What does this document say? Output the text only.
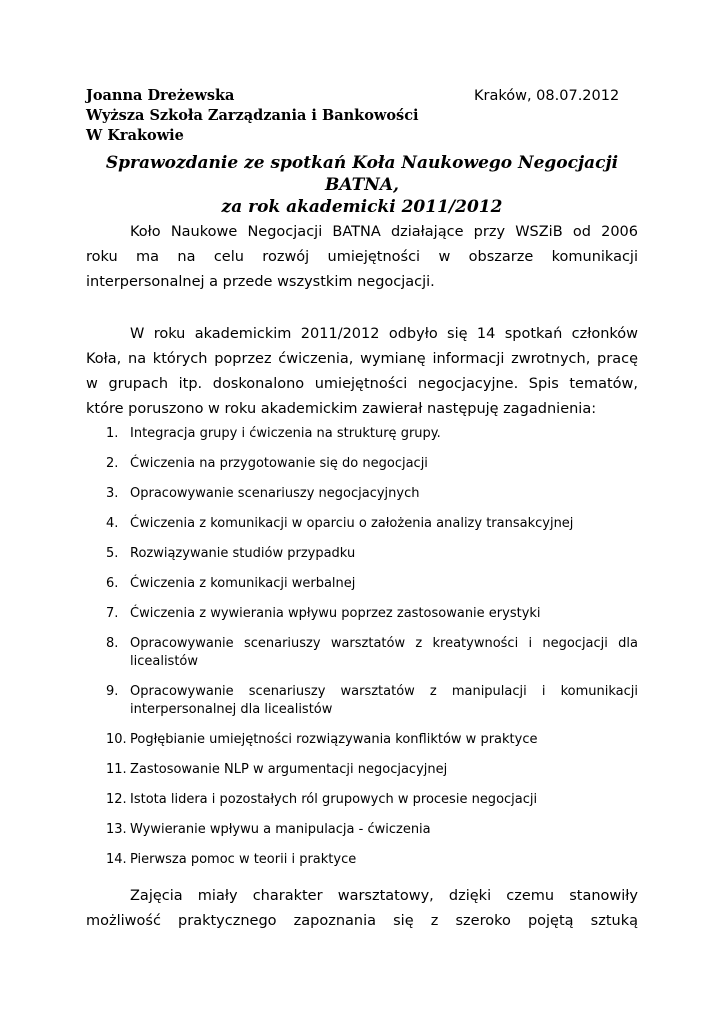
Joanna Dreżewska
Wyższa Szkoła Zarządzania i Bankowości
W Krakowie
Kraków, 08.07.2012
Sprawozdanie ze spotkań Koła Naukowego Negocjacji
BATNA,
za rok akademicki 2011/2012
Koło Naukowe Negocjacji BATNA działające przy WSZiB od 2006
roku ma na celu rozwój umiejętności w obszarze komunikacji
interpersonalnej a przede wszystkim negocjacji.
W roku akademickim 2011/2012 odbyło się 14 spotkań członków
Koła, na których poprzez ćwiczenia, wymianę informacji zwrotnych, pracę
w grupach itp. doskonalono umiejętności negocjacyjne. Spis tematów,
które poruszono w roku akademickim zawierał następuję zagadnienia:
1. Integracja grupy i ćwiczenia na strukturę grupy.
2. Ćwiczenia na przygotowanie się do negocjacji
3. Opracowywanie scenariuszy negocjacyjnych
4. Ćwiczenia z komunikacji w oparciu o założenia analizy transakcyjnej
5. Rozwiązywanie studiów przypadku
6. Ćwiczenia z komunikacji werbalnej
7. Ćwiczenia z wywierania wpływu poprzez zastosowanie erystyki
8. Opracowywanie scenariuszy warsztatów z kreatywności i negocjacji dla
licealistów
9. Opracowywanie scenariuszy warsztatów z manipulacji i komunikacji
interpersonalnej dla licealistów
10. Pogłębianie umiejętności rozwiązywania konfliktów w praktyce
11. Zastosowanie NLP w argumentacji negocjacyjnej
12. Istota lidera i pozostałych ról grupowych w procesie negocjacji
13. Wywieranie wpływu a manipulacja - ćwiczenia
14. Pierwsza pomoc w teorii i praktyce
Zajęcia miały charakter warsztatowy, dzięki czemu stanowiły
możliwość praktycznego zapoznania się z szeroko pojętą sztuką
